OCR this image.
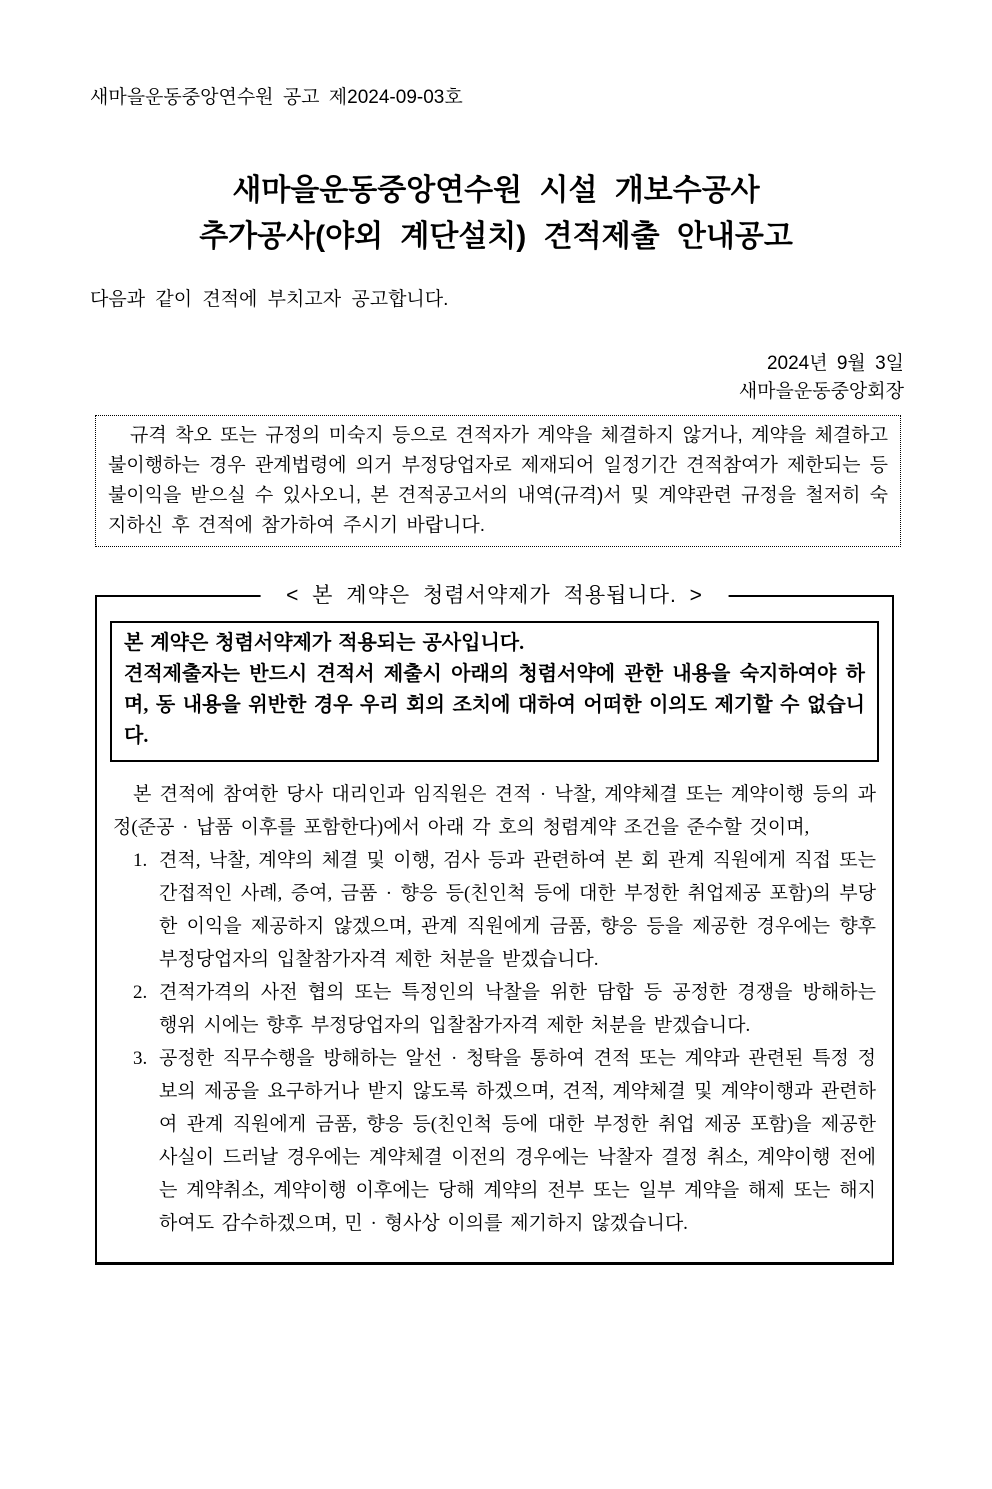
새마을운동중앙연수원 공고 제2024-09-03호
새마을운동중앙연수원 시설 개보수공사
추가공사(야외 계단설치) 견적제출 안내공고
다음과 같이 견적에 부치고자 공고합니다.
2024년 9월 3일
새마을운동중앙회장

규격 착오 또는 규정의 미숙지 등으로 견적자가 계약을 체결하지 않거나, 계약을 체결하고 불이행하는 경우 관계법령에 의거 부정당업자로 제재되어 일정기간 견적참여가 제한되는 등 불이익을 받으실 수 있사오니, 본 견적공고서의 내역(규격)서 및 계약관련 규정을 철저히 숙지하신 후 견적에 참가하여 주시기 바랍니다.

< 본 계약은 청렴서약제가 적용됩니다. >
본 계약은 청렴서약제가 적용되는 공사입니다.
견적제출자는 반드시 견적서 제출시 아래의 청렴서약에 관한 내용을 숙지하여야 하며, 동 내용을 위반한 경우 우리 회의 조치에 대하여 어떠한 이의도 제기할 수 없습니다.
본 견적에 참여한 당사 대리인과 임직원은 견적 · 낙찰, 계약체결 또는 계약이행 등의 과정(준공 · 납품 이후를 포함한다)에서 아래 각 호의 청렴계약 조건을 준수할 것이며,
1. 견적, 낙찰, 계약의 체결 및 이행, 검사 등과 관련하여 본 회 관계 직원에게 직접 또는 간접적인 사례, 증여, 금품 · 향응 등(친인척 등에 대한 부정한 취업제공 포함)의 부당한 이익을 제공하지 않겠으며, 관계 직원에게 금품, 향응 등을 제공한 경우에는 향후 부정당업자의 입찰참가자격 제한 처분을 받겠습니다.
2. 견적가격의 사전 협의 또는 특정인의 낙찰을 위한 담합 등 공정한 경쟁을 방해하는 행위 시에는 향후 부정당업자의 입찰참가자격 제한 처분을 받겠습니다.
3. 공정한 직무수행을 방해하는 알선 · 청탁을 통하여 견적 또는 계약과 관련된 특정 정보의 제공을 요구하거나 받지 않도록 하겠으며, 견적, 계약체결 및 계약이행과 관련하여 관계 직원에게 금품, 향응 등(친인척 등에 대한 부정한 취업 제공 포함)을 제공한 사실이 드러날 경우에는 계약체결 이전의 경우에는 낙찰자 결정 취소, 계약이행 전에는 계약취소, 계약이행 이후에는 당해 계약의 전부 또는 일부 계약을 해제 또는 해지하여도 감수하겠으며, 민 · 형사상 이의를 제기하지 않겠습니다.
